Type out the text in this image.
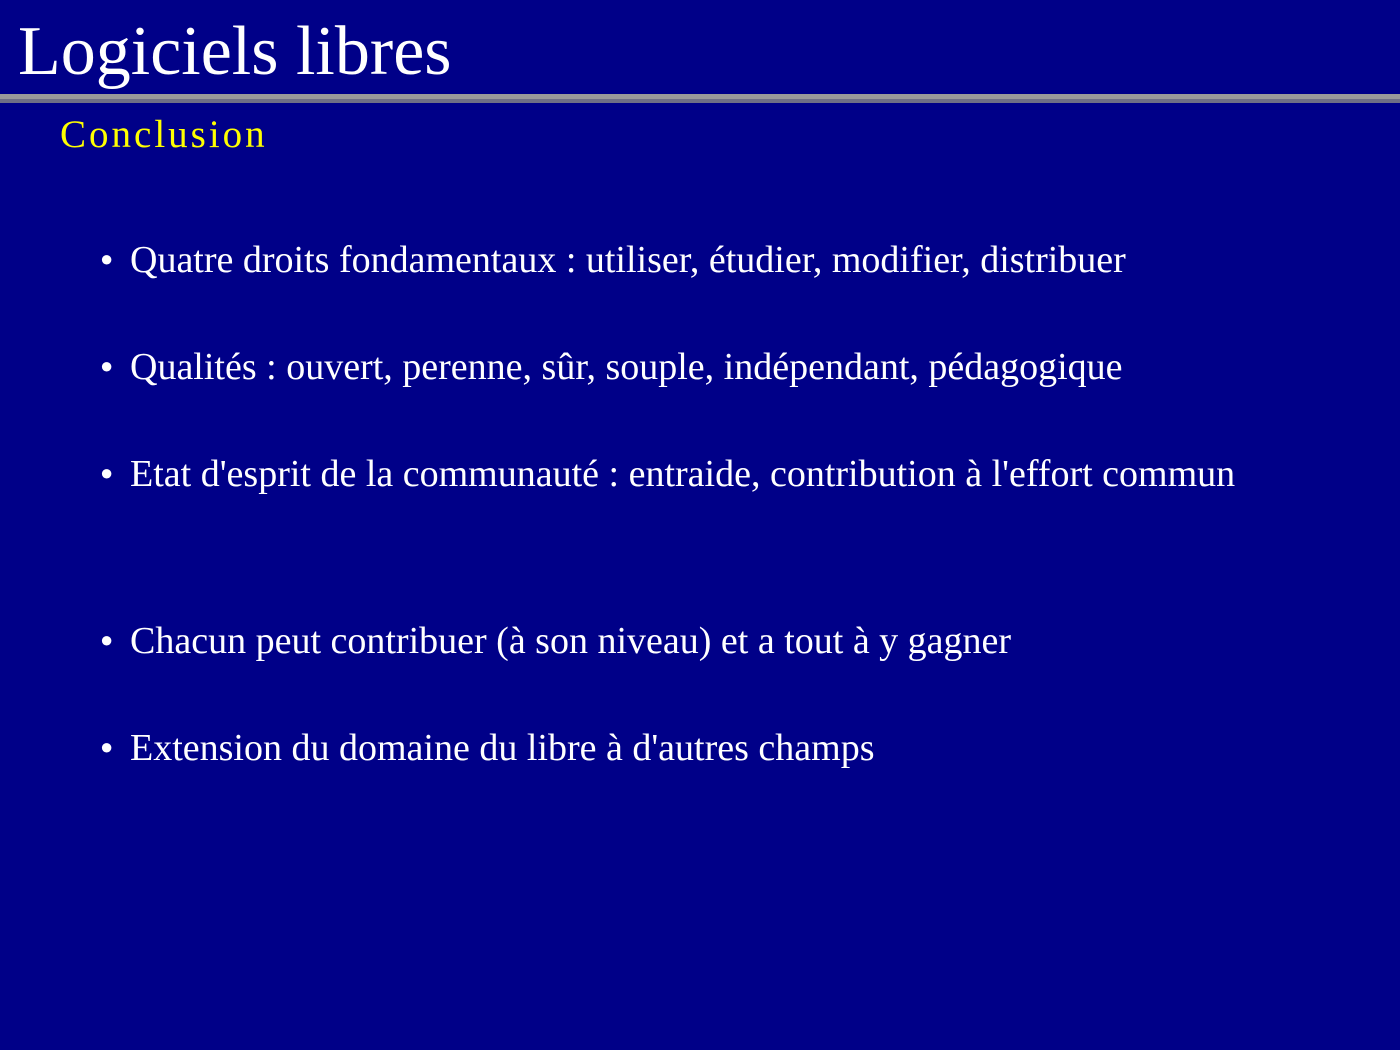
Logiciels libres
Conclusion
● Quatre droits fondamentaux : utiliser, étudier, modifier, distribuer
● Qualités : ouvert, perenne, sûr, souple, indépendant, pédagogique
● Etat d'esprit de la communauté : entraide, contribution à l'effort commun
● Chacun peut contribuer (à son niveau) et a tout à y gagner
● Extension du domaine du libre à d'autres champs
